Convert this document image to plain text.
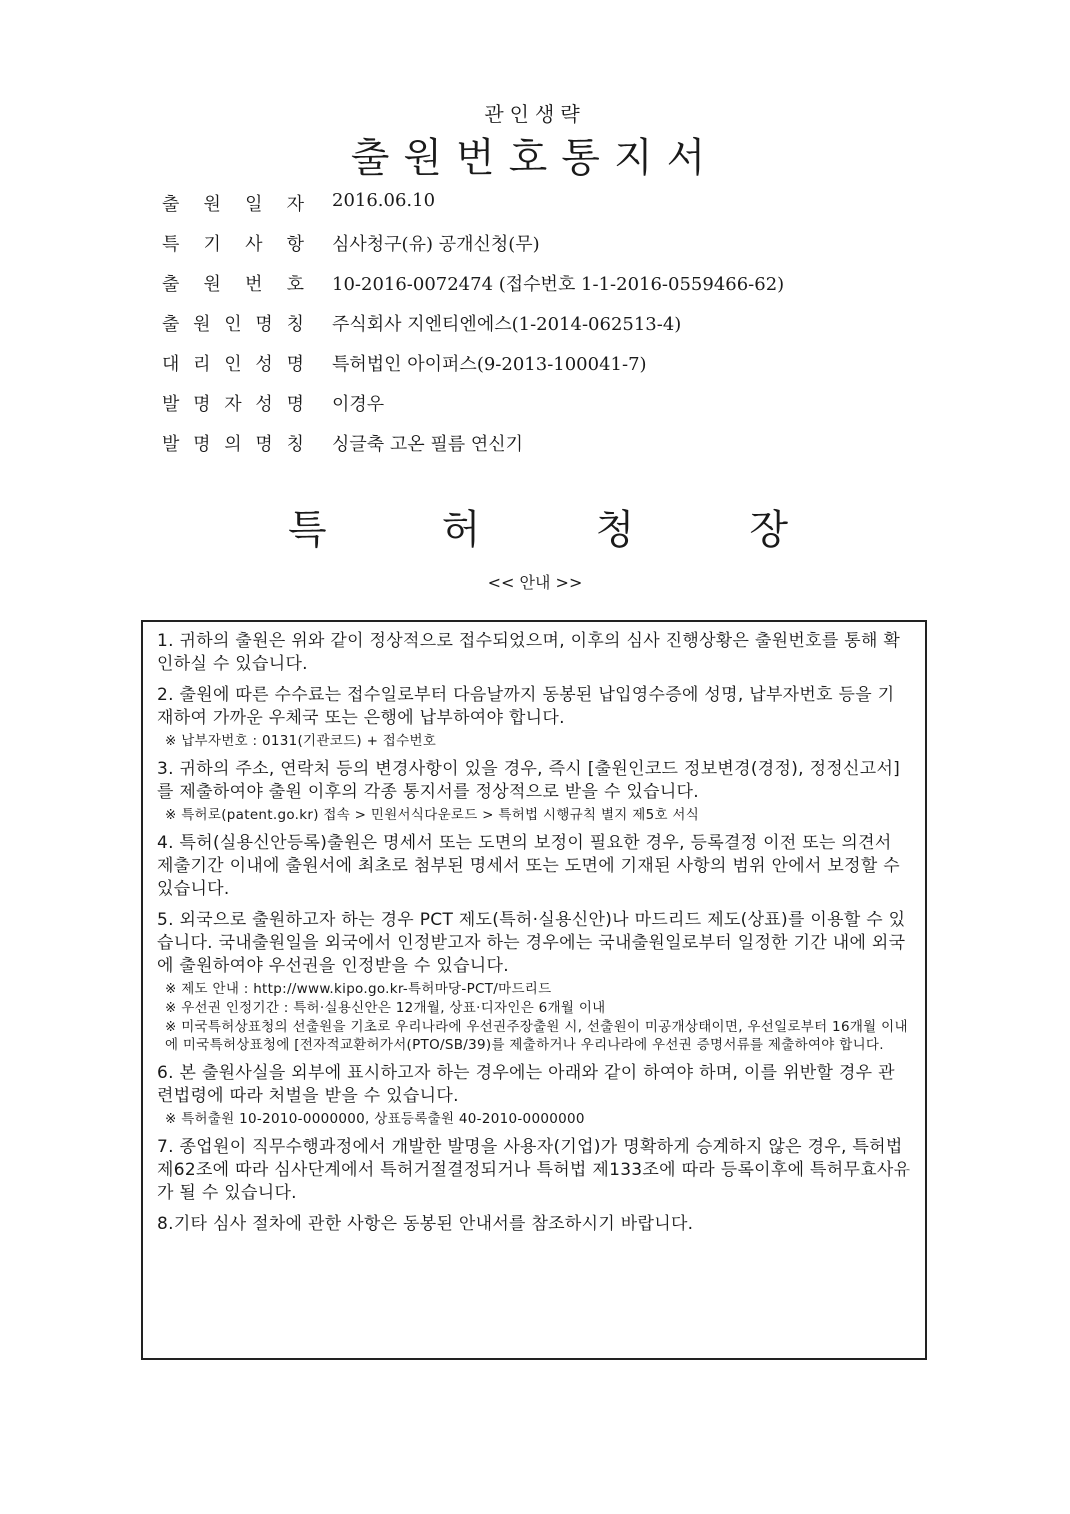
관인생략
출원번호통지서
출 원 일 자 2016.06.10
특 기 사 항 심사청구(유) 공개신청(무)
출 원 번 호 10-2016-0072474 (접수번호 1-1-2016-0559466-62)
출 원 인 명 칭 주식회사 지엔티엔에스(1-2014-062513-4)
대 리 인 성 명 특허법인 아이퍼스(9-2013-100041-7)
발 명 자 성 명 이경우
발 명 의 명 칭 싱글축 고온 필름 연신기
특	허	청	장
<< 안내 >>
1. 귀하의 출원은 위와 같이 정상적으로 접수되었으며, 이후의 심사 진행상황은 출원번호를 통해 확인하실 수 있습니다.
2. 출원에 따른 수수료는 접수일로부터 다음날까지 동봉된 납입영수증에 성명, 납부자번호 등을 기재하여 가까운 우체국 또는 은행에 납부하여야 합니다.
※ 납부자번호 : 0131(기관코드) + 접수번호
3. 귀하의 주소, 연락처 등의 변경사항이 있을 경우, 즉시 [출원인코드 정보변경(경정), 정정신고서]를 제출하여야 출원 이후의 각종 통지서를 정상적으로 받을 수 있습니다.
※ 특허로(patent.go.kr) 접속 > 민원서식다운로드 > 특허법 시행규칙 별지 제5호 서식
4. 특허(실용신안등록)출원은 명세서 또는 도면의 보정이 필요한 경우, 등록결정 이전 또는 의견서 제출기간 이내에 출원서에 최초로 첨부된 명세서 또는 도면에 기재된 사항의 범위 안에서 보정할 수 있습니다.
5. 외국으로 출원하고자 하는 경우 PCT 제도(특허·실용신안)나 마드리드 제도(상표)를 이용할 수 있습니다. 국내출원일을 외국에서 인정받고자 하는 경우에는 국내출원일로부터 일정한 기간 내에 외국에 출원하여야 우선권을 인정받을 수 있습니다.
※ 제도 안내 : http://www.kipo.go.kr-특허마당-PCT/마드리드
※ 우선권 인정기간 : 특허·실용신안은 12개월, 상표·디자인은 6개월 이내
※ 미국특허상표청의 선출원을 기초로 우리나라에 우선권주장출원 시, 선출원이 미공개상태이면, 우선일로부터 16개월 이내에 미국특허상표청에 [전자적교환허가서(PTO/SB/39)를 제출하거나 우리나라에 우선권 증명서류를 제출하여야 합니다.
6. 본 출원사실을 외부에 표시하고자 하는 경우에는 아래와 같이 하여야 하며, 이를 위반할 경우 관련법령에 따라 처벌을 받을 수 있습니다.
※ 특허출원 10-2010-0000000, 상표등록출원 40-2010-0000000
7. 종업원이 직무수행과정에서 개발한 발명을 사용자(기업)가 명확하게 승계하지 않은 경우, 특허법 제62조에 따라 심사단계에서 특허거절결정되거나 특허법 제133조에 따라 등록이후에 특허무효사유가 될 수 있습니다.
8.기타 심사 절차에 관한 사항은 동봉된 안내서를 참조하시기 바랍니다.
